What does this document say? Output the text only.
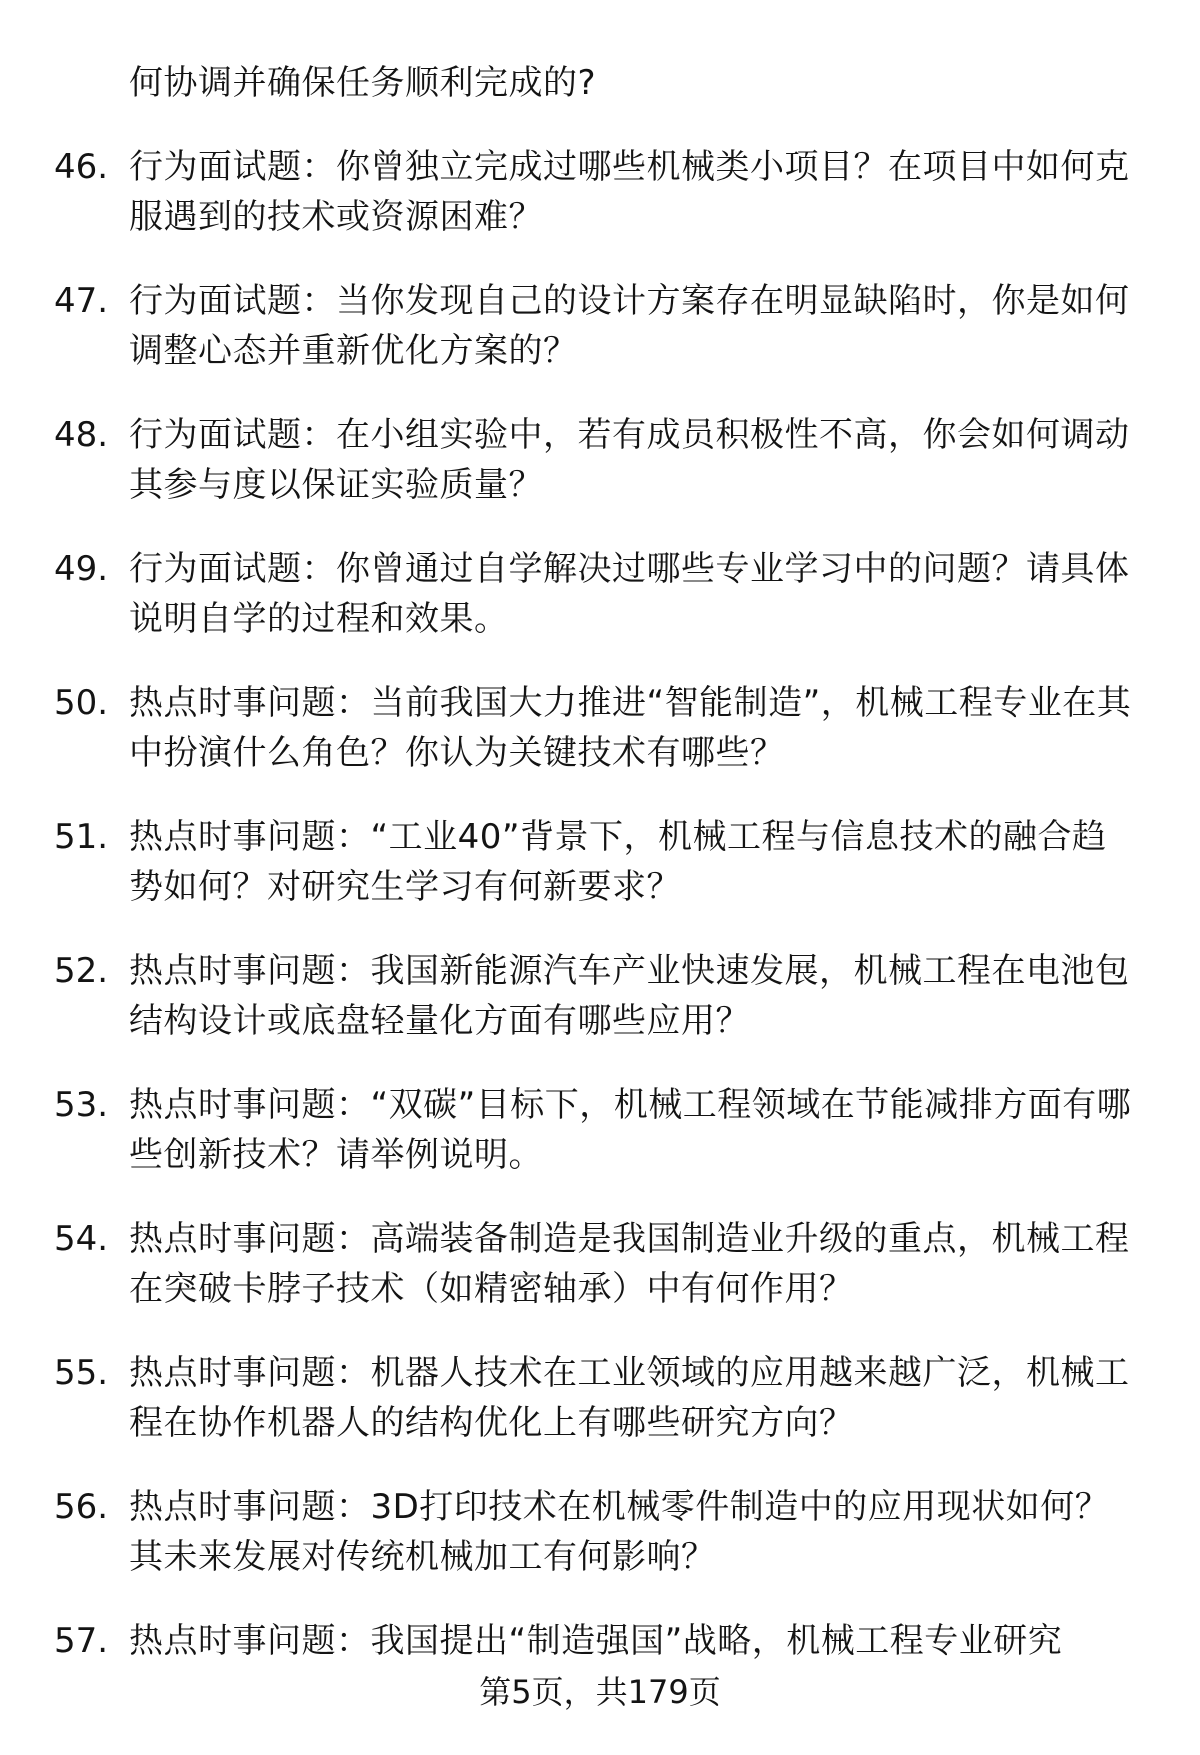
何协调并确保任务顺利完成的?
46. 行为面试题：你曾独立完成过哪些机械类小项目？在项目中如何克服遇到的技术或资源困难？
47. 行为面试题：当你发现自己的设计方案存在明显缺陷时，你是如何调整心态并重新优化方案的？
48. 行为面试题：在小组实验中，若有成员积极性不高，你会如何调动其参与度以保证实验质量？
49. 行为面试题：你曾通过自学解决过哪些专业学习中的问题？请具体说明自学的过程和效果。
50. 热点时事问题：当前我国大力推进“智能制造”，机械工程专业在其中扮演什么角色？你认为关键技术有哪些？
51. 热点时事问题：“工业40”背景下，机械工程与信息技术的融合趋势如何？对研究生学习有何新要求？
52. 热点时事问题：我国新能源汽车产业快速发展，机械工程在电池包结构设计或底盘轻量化方面有哪些应用？
53. 热点时事问题：“双碳”目标下，机械工程领域在节能减排方面有哪些创新技术？请举例说明。
54. 热点时事问题：高端装备制造是我国制造业升级的重点，机械工程在突破卡脖子技术（如精密轴承）中有何作用？
55. 热点时事问题：机器人技术在工业领域的应用越来越广泛，机械工程在协作机器人的结构优化上有哪些研究方向？
56. 热点时事问题：3D打印技术在机械零件制造中的应用现状如何？其未来发展对传统机械加工有何影响？
57. 热点时事问题：我国提出“制造强国”战略，机械工程专业研究
第5页，共179页
